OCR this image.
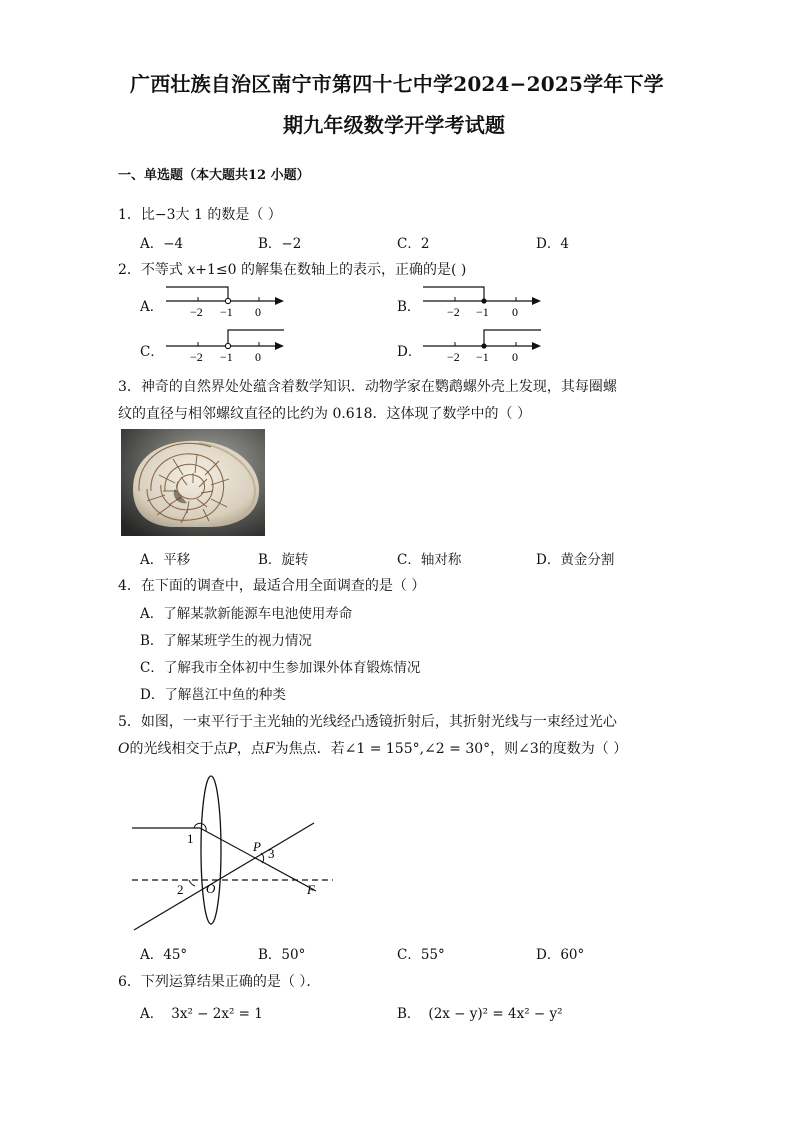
广西壮族自治区南宁市第四十七中学2024−2025学年下学
期九年级数学开学考试题
一、单选题（本大题共12 小题）
1．比−3大 1 的数是（ ）
A．−4	B．−2	C．2	D．4
2．不等式 x+1≤0 的解集在数轴上的表示，正确的是( )
A．	B．
C．	D．
−2 −1 0	−2 −1 0
−2 −1 0	−2 −1 0
3．神奇的自然界处处蕴含着数学知识．动物学家在鹦鹉螺外壳上发现，其每圈螺
纹的直径与相邻螺纹直径的比约为 0.618．这体现了数学中的（ ）
A．平移	B．旋转	C．轴对称	D．黄金分割
4．在下面的调查中，最适合用全面调查的是（ ）
A．了解某款新能源车电池使用寿命
B．了解某班学生的视力情况
C．了解我市全体初中生参加课外体育锻炼情况
D．了解邕江中鱼的种类
5．如图，一束平行于主光轴的光线经凸透镜折射后，其折射光线与一束经过光心
O的光线相交于点P，点F为焦点．若∠1 = 155°,∠2 = 30°，则∠3的度数为（ ）
1
2
3
P
O	F
A．45°	B．50°	C．55°	D．60°
6．下列运算结果正确的是（ ）．
A． 3x² − 2x² = 1	B． (2x − y)² = 4x² − y²
